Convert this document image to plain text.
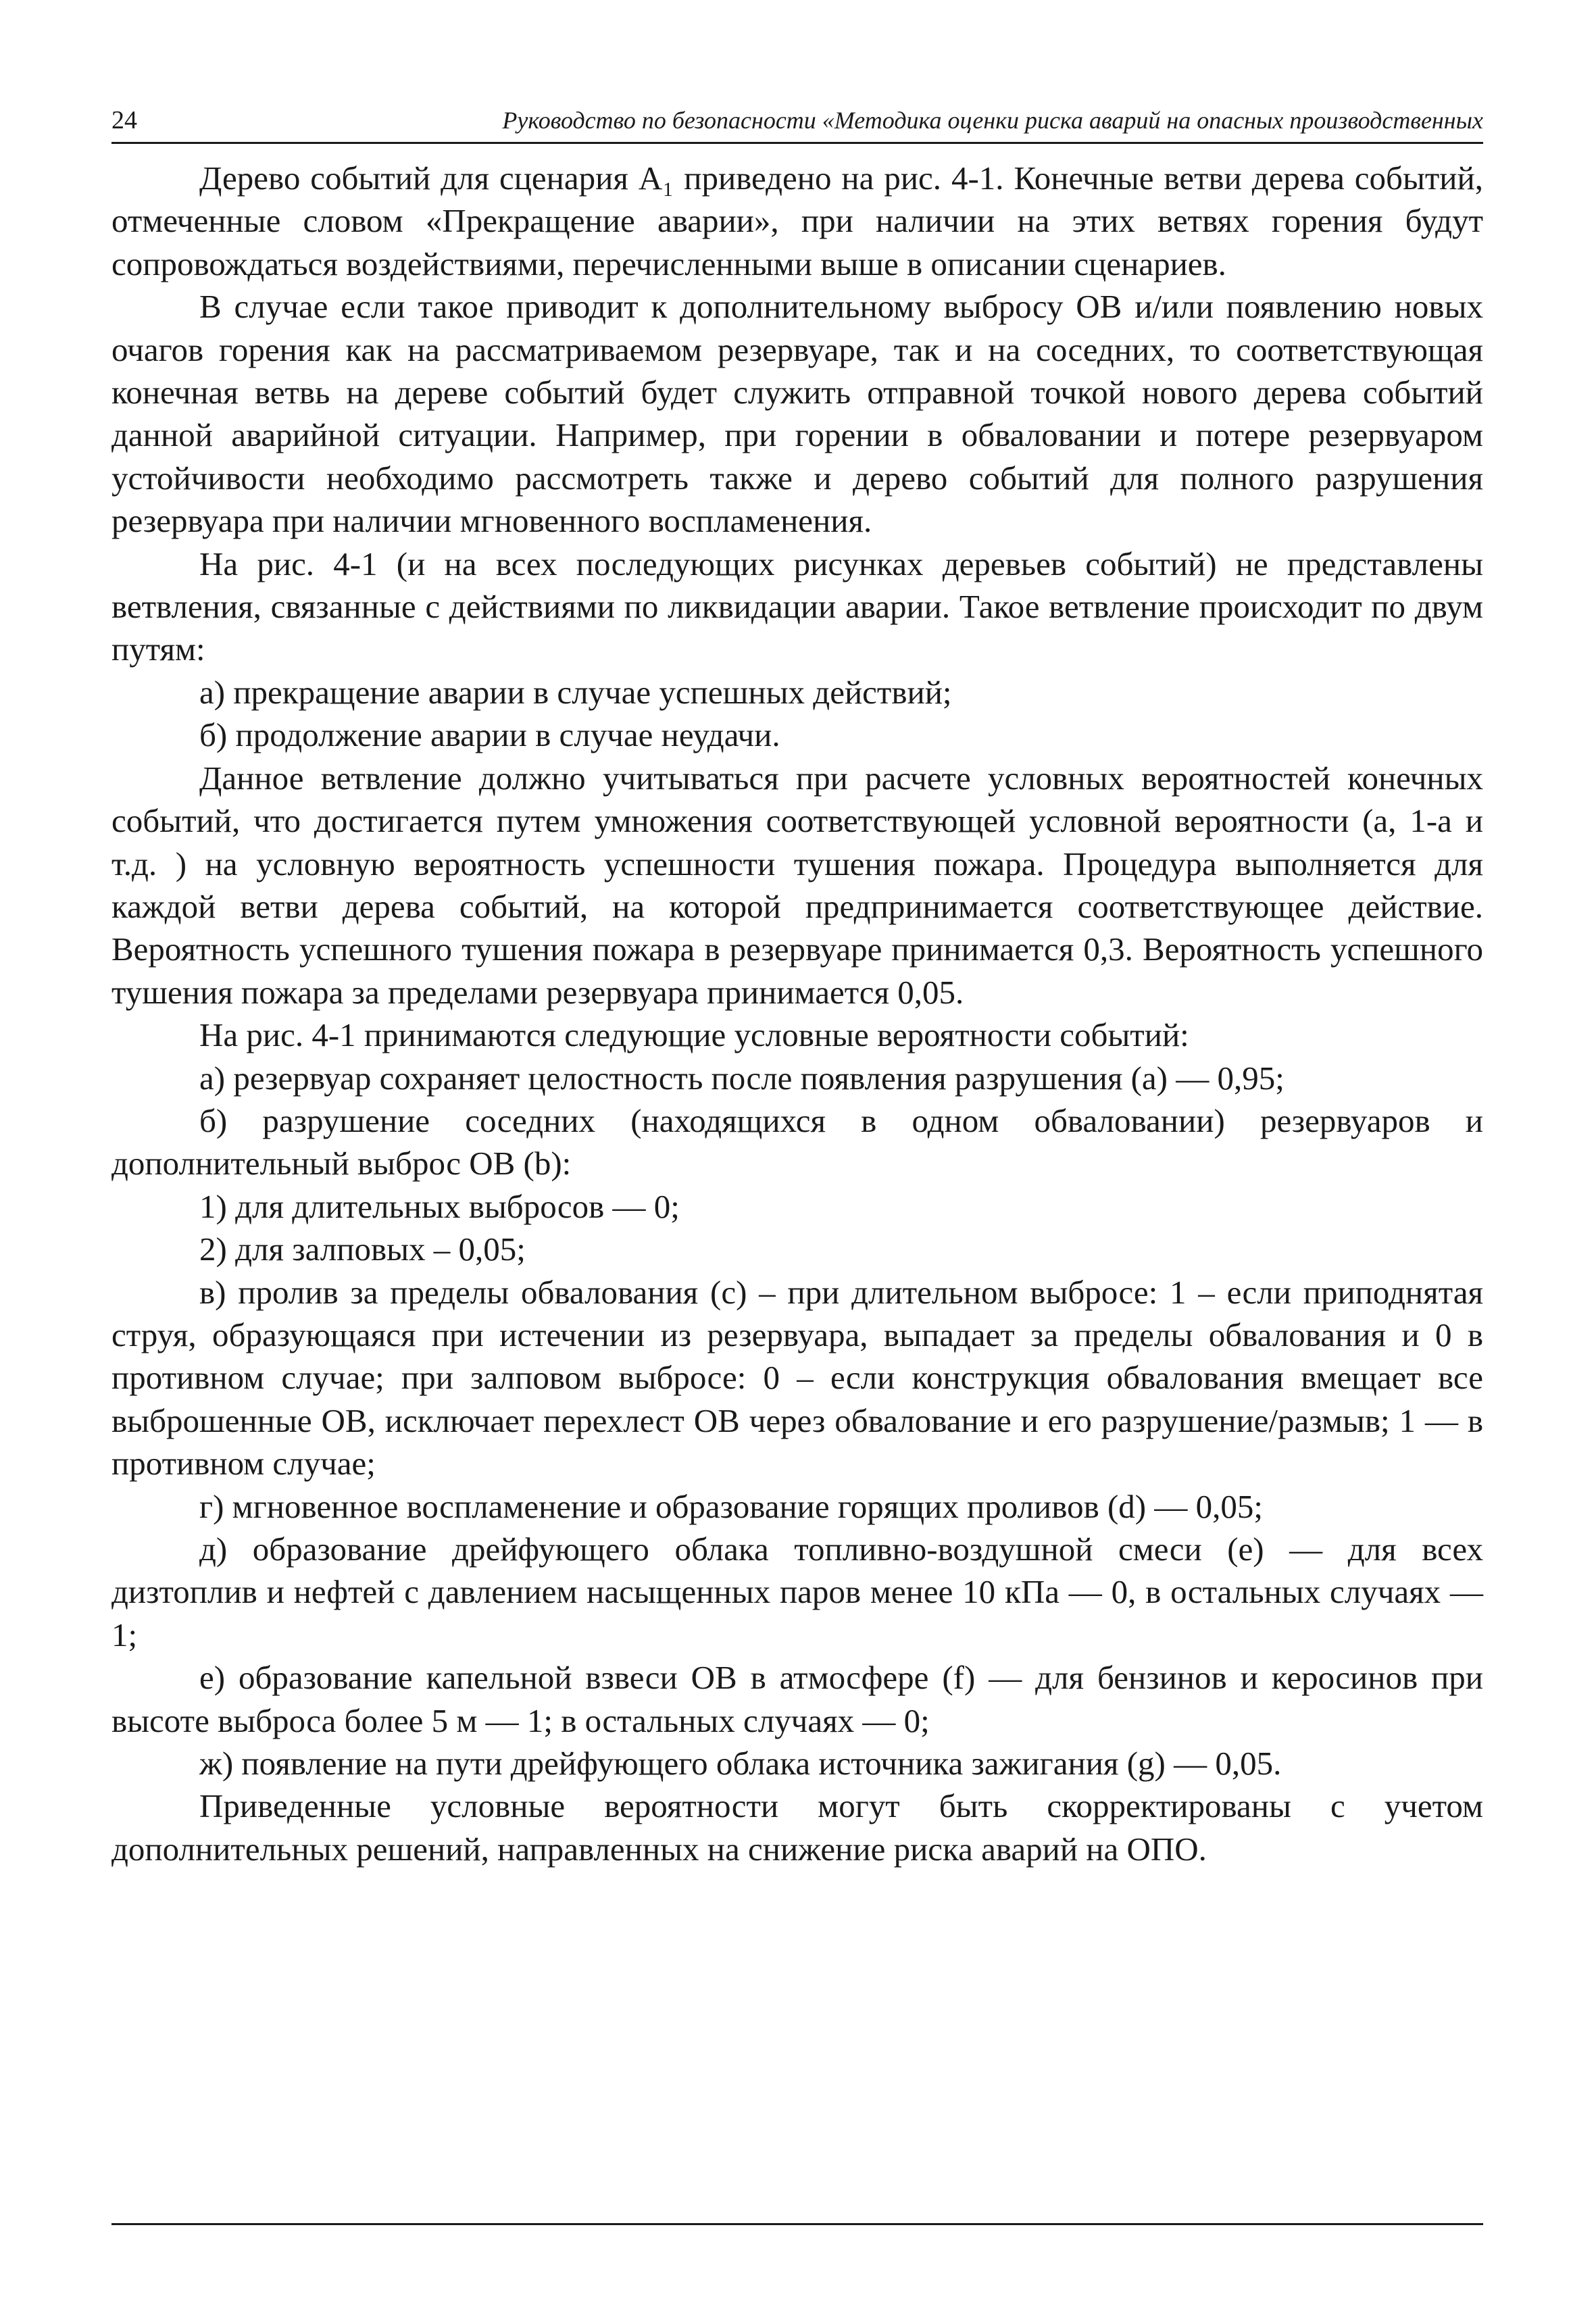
24	Руководство по безопасности «Методика оценки риска аварий на опасных производственных

Дерево событий для сценария А₁ приведено на рис. 4-1. Конечные ветви дерева событий, отмеченные словом «Прекращение аварии», при наличии на этих ветвях горения будут сопровождаться воздействиями, перечисленными выше в описании сценариев.

В случае если такое приводит к дополнительному выбросу ОВ и/или появлению новых очагов горения как на рассматриваемом резервуаре, так и на соседних, то соответствующая конечная ветвь на дереве событий будет служить отправной точкой нового дерева событий данной аварийной ситуации. Например, при горении в обваловании и потере резервуаром устойчивости необходимо рассмотреть также и дерево событий для полного разрушения резервуара при наличии мгновенного воспламенения.

На рис. 4-1 (и на всех последующих рисунках деревьев событий) не представлены ветвления, связанные с действиями по ликвидации аварии. Такое ветвление происходит по двум путям:

а) прекращение аварии в случае успешных действий;

б) продолжение аварии в случае неудачи.

Данное ветвление должно учитываться при расчете условных вероятностей конечных событий, что достигается путем умножения соответствующей условной вероятности (a, 1-a и т.д. ) на условную вероятность успешности тушения пожара. Процедура выполняется для каждой ветви дерева событий, на которой предпринимается соответствующее действие. Вероятность успешного тушения пожара в резервуаре принимается 0,3. Вероятность успешного тушения пожара за пределами резервуара принимается 0,05.

На рис. 4-1 принимаются следующие условные вероятности событий:

а) резервуар сохраняет целостность после появления разрушения (a) — 0,95;

б) разрушение соседних (находящихся в одном обваловании) резервуаров и дополнительный выброс ОВ (b):

1) для длительных выбросов — 0;

2) для залповых – 0,05;

в) пролив за пределы обвалования (c) – при длительном выбросе: 1 – если приподнятая струя, образующаяся при истечении из резервуара, выпадает за пределы обвалования и 0 в противном случае; при залповом выбросе: 0 – если конструкция обвалования вмещает все выброшенные ОВ, исключает перехлест ОВ через обвалование и его разрушение/размыв; 1 — в противном случае;

г) мгновенное воспламенение и образование горящих проливов (d) — 0,05;

д) образование дрейфующего облака топливно-воздушной смеси (e) — для всех дизтоплив и нефтей с давлением насыщенных паров менее 10 кПа — 0, в остальных случаях — 1;

е) образование капельной взвеси ОВ в атмосфере (f) — для бензинов и керосинов при высоте выброса более 5 м — 1; в остальных случаях — 0;

ж) появление на пути дрейфующего облака источника зажигания (g) — 0,05.

Приведенные условные вероятности могут быть скорректированы с учетом дополнительных решений, направленных на снижение риска аварий на ОПО.
